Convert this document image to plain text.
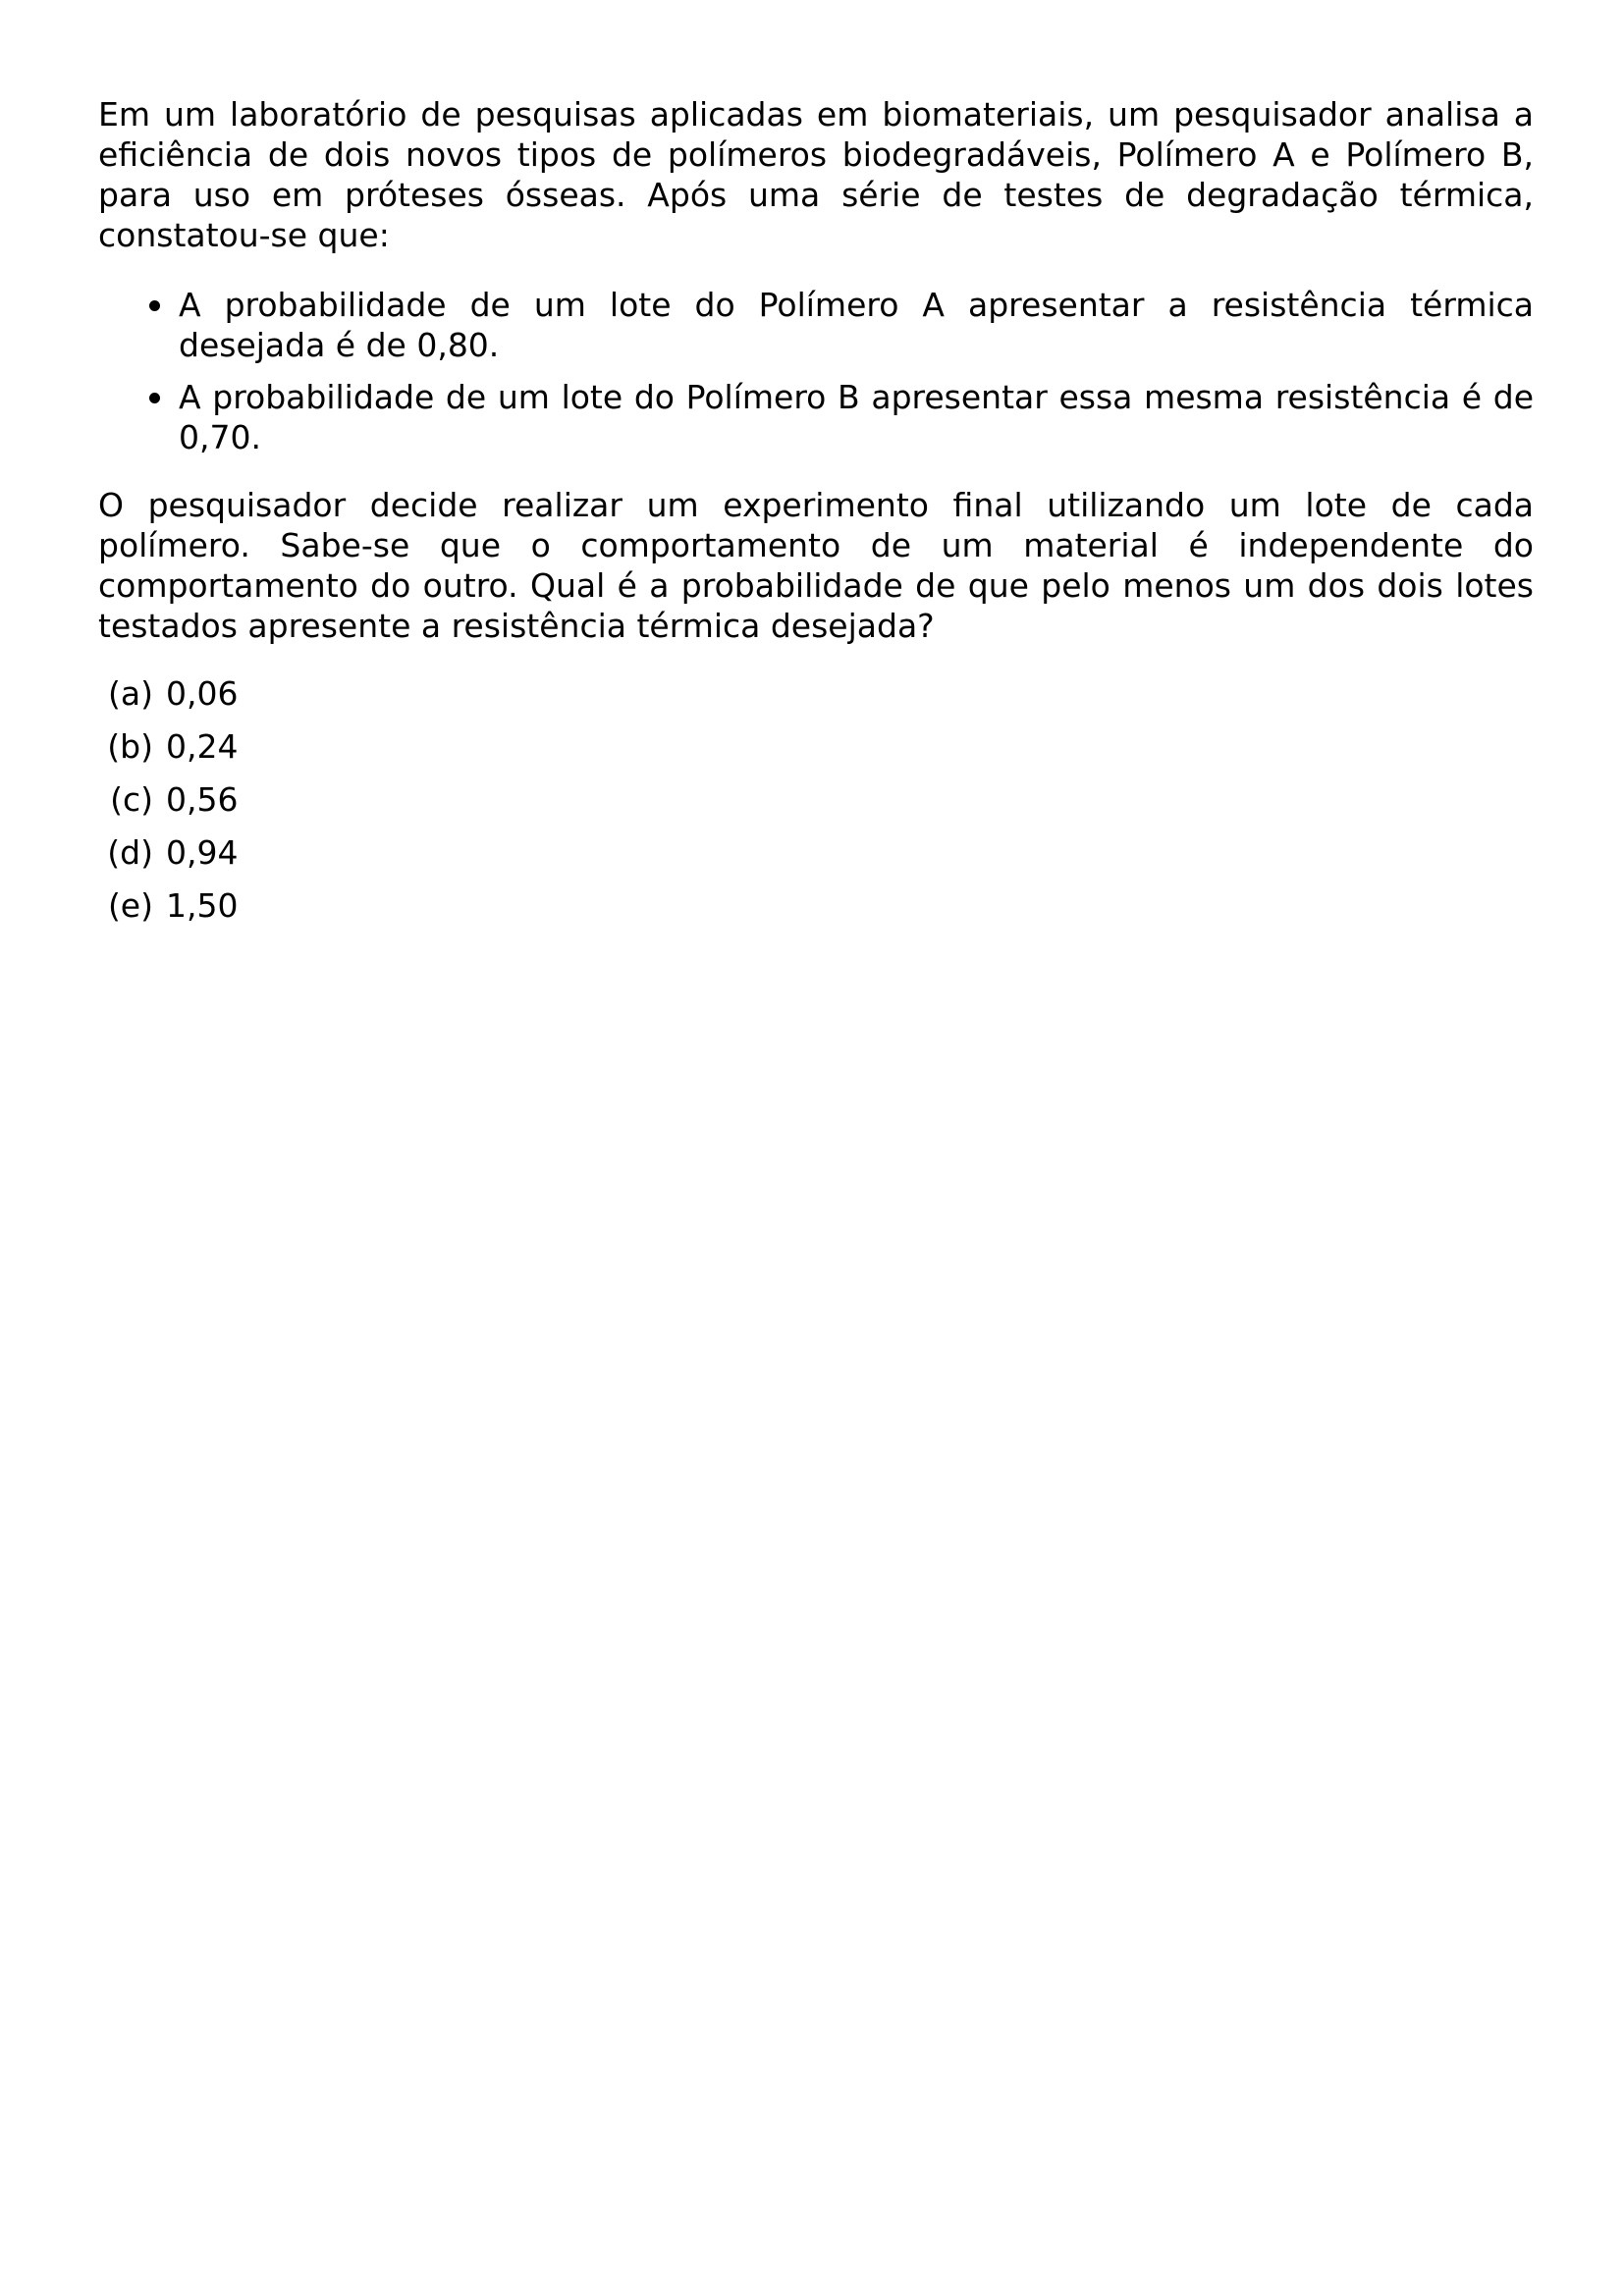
Em um laboratório de pesquisas aplicadas em biomateriais, um pesquisador analisa a eficiência de dois novos tipos de polímeros biodegradáveis, Polímero A e Polímero B, para uso em próteses ósseas. Após uma série de testes de degradação térmica, constatou-se que:

A probabilidade de um lote do Polímero A apresentar a resistência térmica desejada é de 0,80.
A probabilidade de um lote do Polímero B apresentar essa mesma resistência é de 0,70.

O pesquisador decide realizar um experimento final utilizando um lote de cada polímero. Sabe-se que o comportamento de um material é independente do comportamento do outro. Qual é a probabilidade de que pelo menos um dos dois lotes testados apresente a resistência térmica desejada?

(a) 0,06
(b) 0,24
(c) 0,56
(d) 0,94
(e) 1,50
